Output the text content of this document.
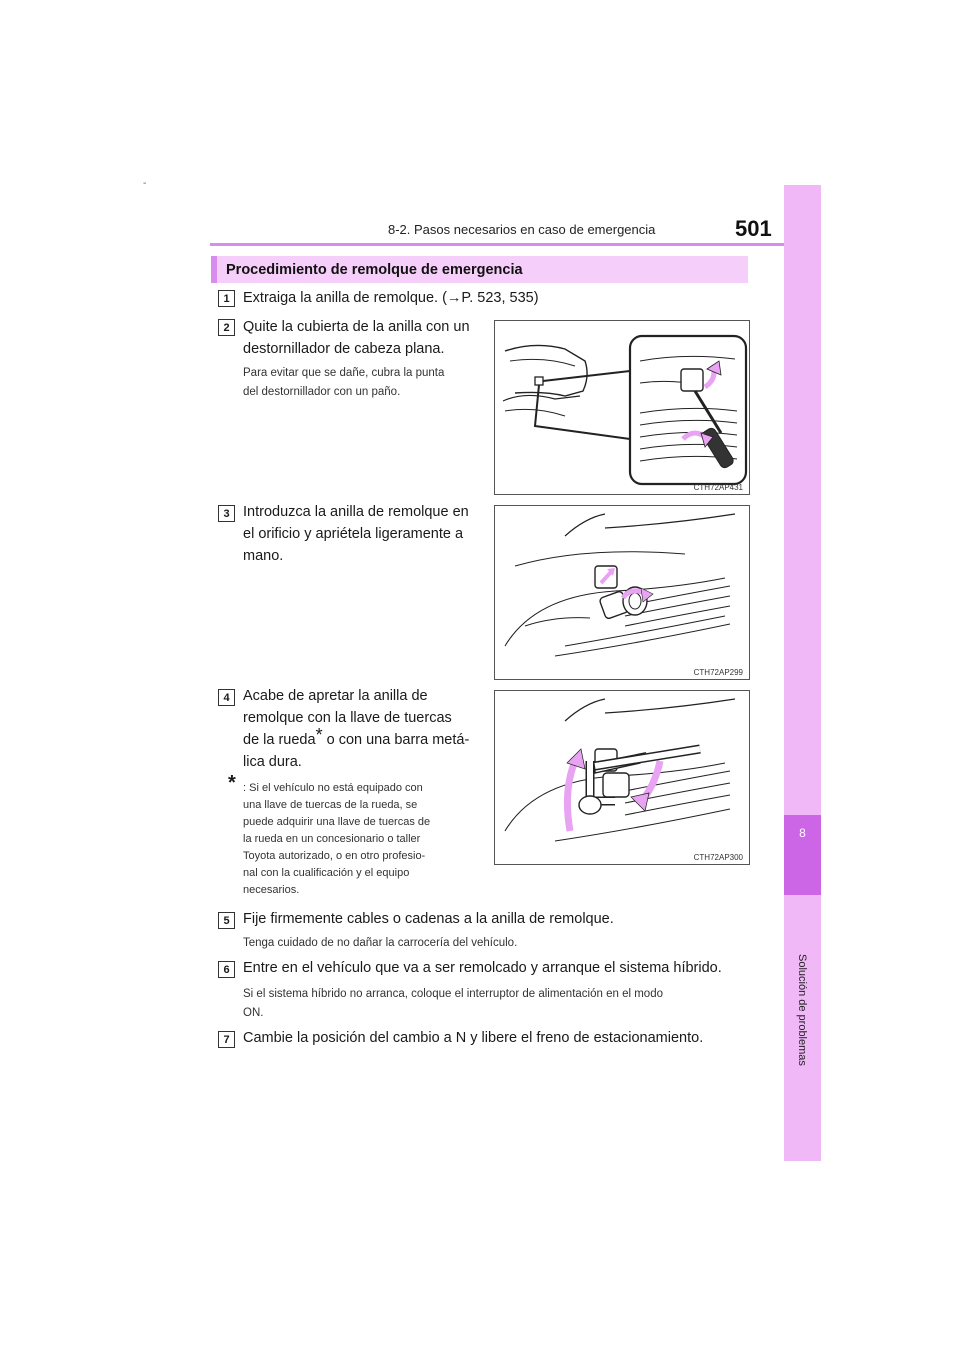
-
8-2. Pasos necesarios en caso de emergencia	501
8
Solución de problemas
Procedimiento de remolque de emergencia
1 Extraiga la anilla de remolque. (→P. 523, 535)
2 Quite la cubierta de la anilla con un
destornillador de cabeza plana.
Para evitar que se dañe, cubra la punta
del destornillador con un paño.
CTH72AP431
3 Introduzca la anilla de remolque en
el orificio y apriétela ligeramente a
mano.
CTH72AP299
4 Acabe de apretar la anilla de
remolque con la llave de tuercas
de la rueda* o con una barra metá-
lica dura.
* : Si el vehículo no está equipado con
una llave de tuercas de la rueda, se
puede adquirir una llave de tuercas de
la rueda en un concesionario o taller
Toyota autorizado, o en otro profesio-
nal con la cualificación y el equipo
necesarios.
CTH72AP300
5 Fije firmemente cables o cadenas a la anilla de remolque.
Tenga cuidado de no dañar la carrocería del vehículo.
6 Entre en el vehículo que va a ser remolcado y arranque el sistema híbrido.
Si el sistema híbrido no arranca, coloque el interruptor de alimentación en el modo
ON.
7 Cambie la posición del cambio a N y libere el freno de estacionamiento.
